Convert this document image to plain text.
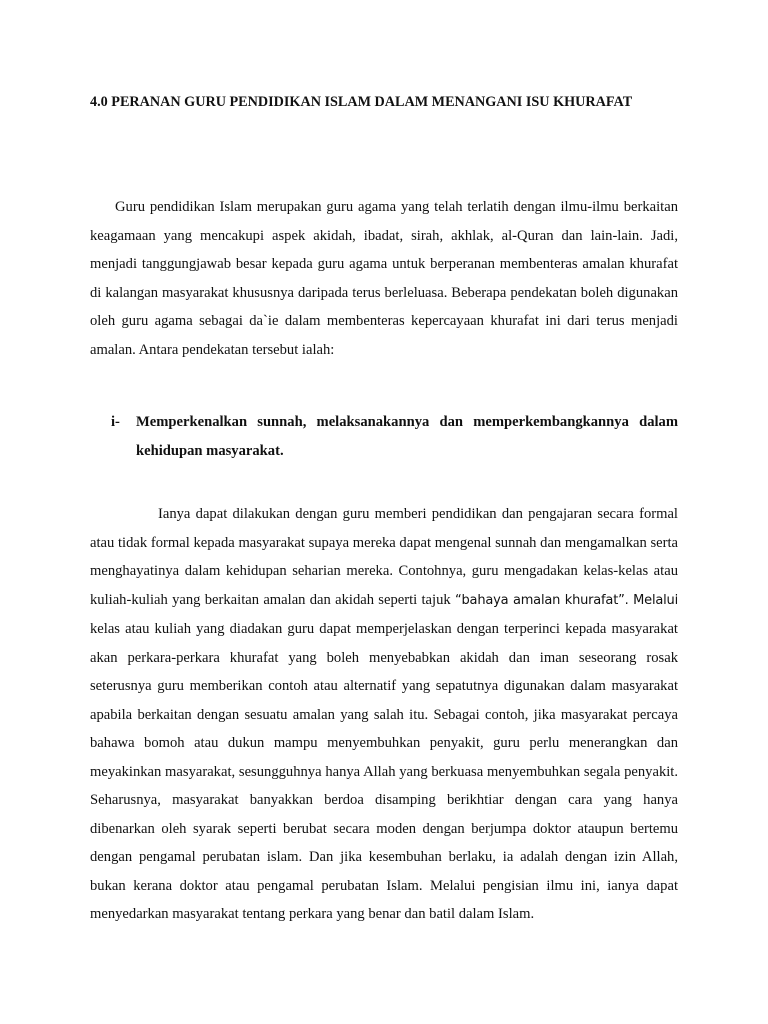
4.0 PERANAN GURU PENDIDIKAN ISLAM DALAM MENANGANI ISU KHURAFAT

Guru pendidikan Islam merupakan guru agama yang telah terlatih dengan ilmu-ilmu berkaitan keagamaan yang mencakupi aspek akidah, ibadat, sirah, akhlak, al-Quran dan lain-lain. Jadi, menjadi tanggungjawab besar kepada guru agama untuk berperanan membenteras amalan khurafat di kalangan masyarakat khususnya daripada terus berleluasa. Beberapa pendekatan boleh digunakan oleh guru agama sebagai da`ie dalam membenteras kepercayaan khurafat ini dari terus menjadi amalan. Antara pendekatan tersebut ialah:

i- Memperkenalkan sunnah, melaksanakannya dan memperkembangkannya dalam kehidupan masyarakat.

Ianya dapat dilakukan dengan guru memberi pendidikan dan pengajaran secara formal atau tidak formal kepada masyarakat supaya mereka dapat mengenal sunnah dan mengamalkan serta menghayatinya dalam kehidupan seharian mereka. Contohnya, guru mengadakan kelas-kelas atau kuliah-kuliah yang berkaitan amalan dan akidah seperti tajuk “bahaya amalan khurafat”. Melalui kelas atau kuliah yang diadakan guru dapat memperjelaskan dengan terperinci kepada masyarakat akan perkara-perkara khurafat yang boleh menyebabkan akidah dan iman seseorang rosak seterusnya guru memberikan contoh atau alternatif yang sepatutnya digunakan dalam masyarakat apabila berkaitan dengan sesuatu amalan yang salah itu. Sebagai contoh, jika masyarakat percaya bahawa bomoh atau dukun mampu menyembuhkan penyakit, guru perlu menerangkan dan meyakinkan masyarakat, sesungguhnya hanya Allah yang berkuasa menyembuhkan segala penyakit. Seharusnya, masyarakat banyakkan berdoa disamping berikhtiar dengan cara yang hanya dibenarkan oleh syarak seperti berubat secara moden dengan berjumpa doktor ataupun bertemu dengan pengamal perubatan islam. Dan jika kesembuhan berlaku, ia adalah dengan izin Allah, bukan kerana doktor atau pengamal perubatan Islam. Melalui pengisian ilmu ini, ianya dapat menyedarkan masyarakat tentang perkara yang benar dan batil dalam Islam.
